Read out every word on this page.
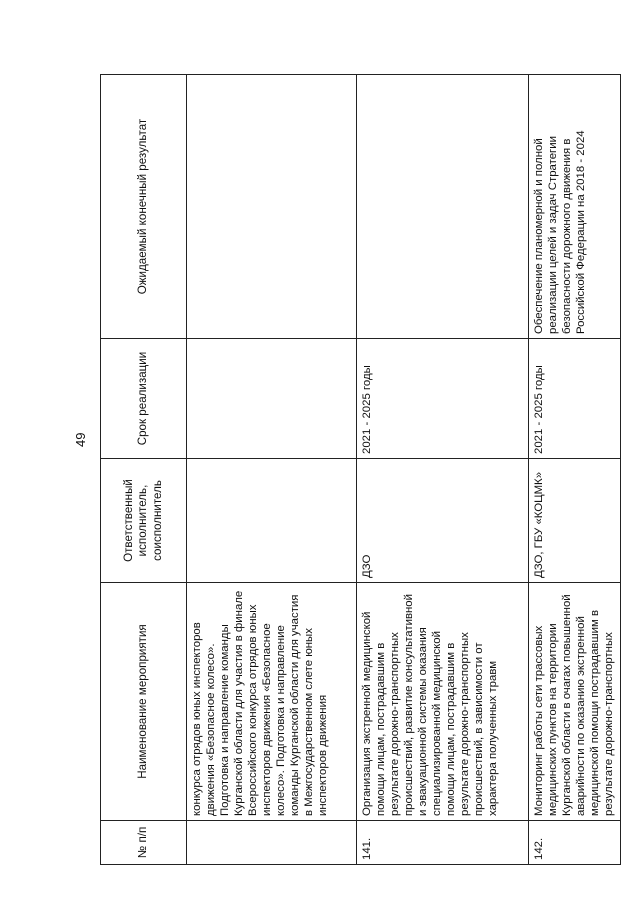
49
№ п/п	Наименование мероприятия	Ответственный исполнитель, соисполнитель	Срок реализации	Ожидаемый конечный результат
	конкурса отрядов юных инспекторов движения «Безопасное колесо». Подготовка и направление команды Курганской области для участия в финале Всероссийского конкурса отрядов юных инспекторов движения «Безопасное колесо». Подготовка и направление команды Курганской области для участия в Межгосударственном слете юных инспекторов движения			
141.	Организация экстренной медицинской помощи лицам, пострадавшим в результате дорожно-транспортных происшествий, развитие консультативной и эвакуационной системы оказания специализированной медицинской помощи лицам, пострадавшим в результате дорожно-транспортных происшествий, в зависимости от характера полученных травм	ДЗО	2021 - 2025 годы	
142.	Мониторинг работы сети трассовых медицинских пунктов на территории Курганской области в очагах повышенной аварийности по оказанию экстренной медицинской помощи пострадавшим в результате дорожно-транспортных	ДЗО, ГБУ «КОЦМК»	2021 - 2025 годы	Обеспечение планомерной и полной реализации целей и задач Стратегии безопасности дорожного движения в Российской Федерации на 2018 - 2024
